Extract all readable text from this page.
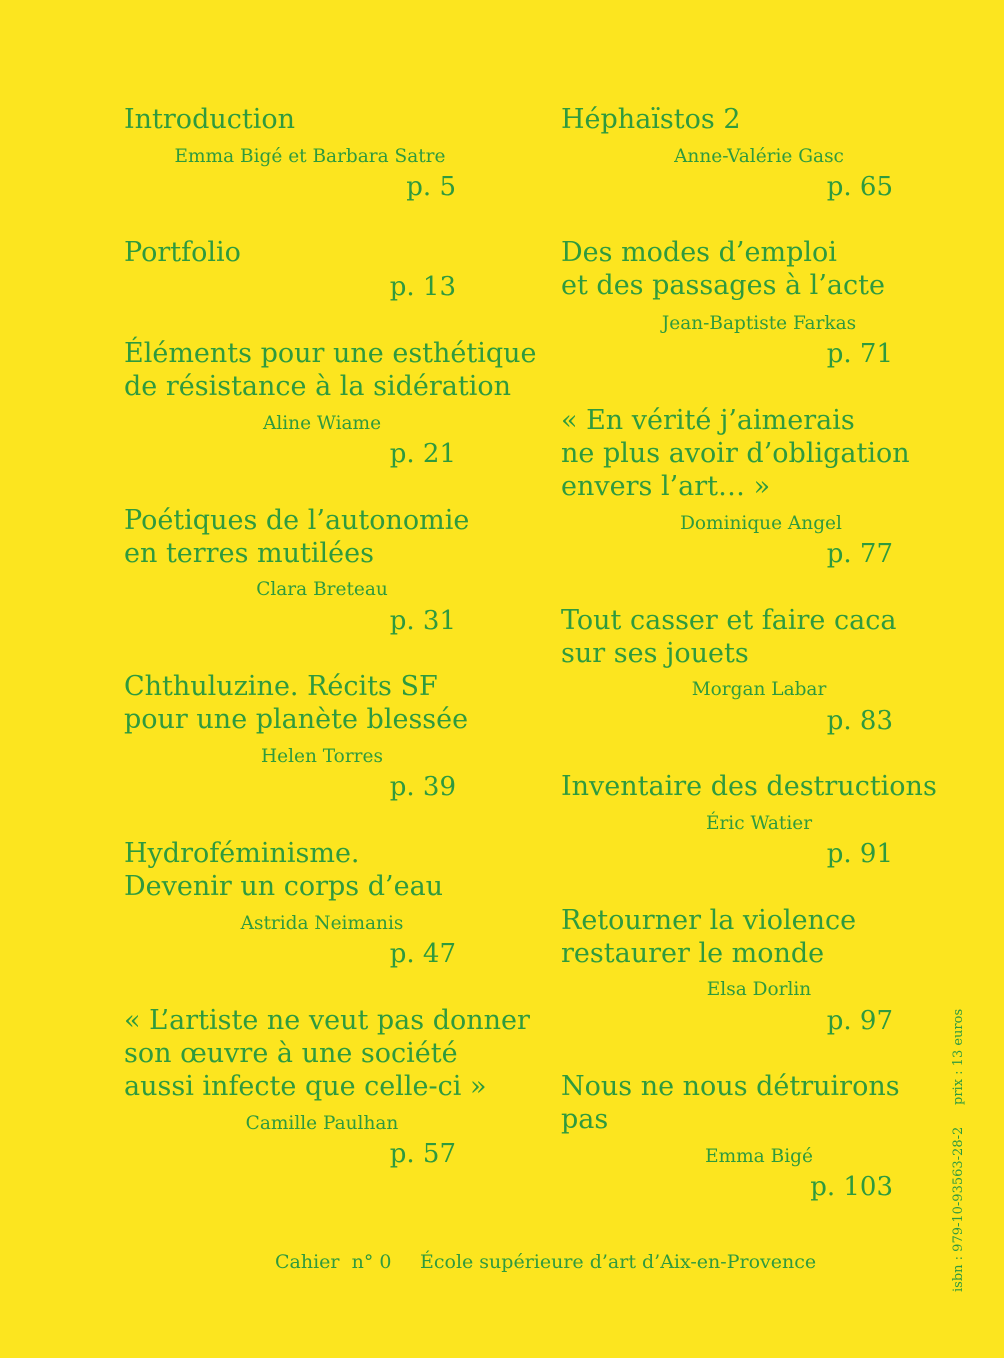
Introduction
Emma Bigé et Barbara Satre
p. 5
Portfolio
p. 13
Éléments pour une esthétique
de résistance à la sidération
Aline Wiame
p. 21
Poétiques de l’autonomie
en terres mutilées
Clara Breteau
p. 31
Chthuluzine. Récits SF
pour une planète blessée
Helen Torres
p. 39
Hydroféminisme.
Devenir un corps d’eau
Astrida Neimanis
p. 47
« L’artiste ne veut pas donner
son œuvre à une société
aussi infecte que celle-ci »
Camille Paulhan
p. 57
Héphaïstos 2
Anne-Valérie Gasc
p. 65
Des modes d’emploi
et des passages à l’acte
Jean-Baptiste Farkas
p. 71
« En vérité j’aimerais
ne plus avoir d’obligation
envers l’art… »
Dominique Angel
p. 77
Tout casser et faire caca
sur ses jouets
Morgan Labar
p. 83
Inventaire des destructions
Éric Watier
p. 91
Retourner la violence
restaurer le monde
Elsa Dorlin
p. 97
Nous ne nous détruirons
pas
Emma Bigé
p. 103
Cahier  n° 0 École supérieure d’art d’Aix-en-Provence	isbn : 979-10-93563-28-2
prix : 13 euros
